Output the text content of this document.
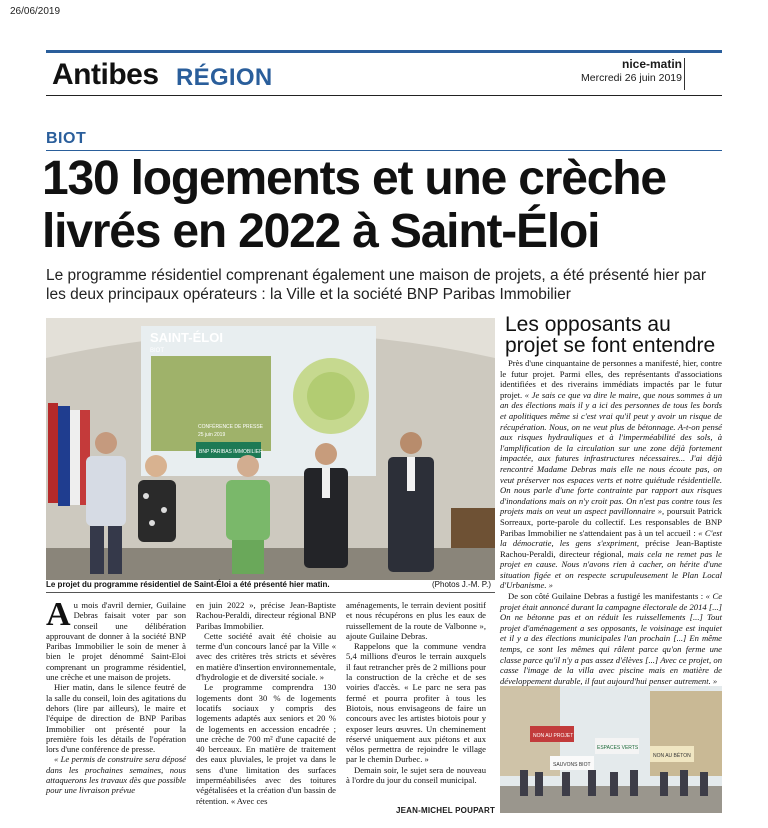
26/06/2019
Antibes RÉGION	nice-matin
Mercredi 26 juin 2019
BIOT
130 logements et une crèche livrés en 2022 à Saint-Éloi
Le programme résidentiel comprenant également une maison de projets, a été présenté hier par les deux principaux opérateurs : la Ville et la société BNP Paribas Immobilier
SAINT-ÉLOI
BIOT
CONFÉRENCE DE PRESSE
25 juin 2019
BNP PARIBAS IMMOBILIER
Le projet du programme résidentiel de Saint-Éloi a été présenté hier matin.	(Photos J.-M. P.)
Les opposants au projet se font entendre

Près d'une cinquantaine de personnes a manifesté, hier, contre le futur projet. Parmi elles, des représentants d'associations identifiées et des riverains immédiats impactés par le futur projet. « Je sais ce que va dire le maire, que nous sommes à un an des élections mais il y a ici des personnes de tous les bords et apolitiques même si c'est vrai qu'il peut y avoir un risque de récupération. Nous, on ne veut plus de bétonnage. A-t-on pensé aux risques hydrauliques et à l'imperméabilité des sols, à l'amplification de la circulation sur une zone déjà fortement impactée, aux futures infrastructures nécessaires... J'ai déjà rencontré Madame Debras mais elle ne nous écoute pas, on veut préserver nos espaces verts et notre quiétude résidentielle. On nous parle d'une forte contrainte par rapport aux risques d'inondations mais on n'y croit pas. On n'est pas contre tous les projets mais on veut un aspect pavillonnaire », poursuit Patrick Sorreaux, porte-parole du collectif. Les responsables de BNP Paribas Immobilier ne s'attendaient pas à un tel accueil : « C'est la démocratie, les gens s'expriment, précise Jean-Baptiste Rachou-Peraldi, directeur régional, mais cela ne remet pas le projet en cause. Nous n'avons rien à cacher, on hérite d'une situation figée et on respecte scrupuleusement le Plan Local d'Urbanisme. »

De son côté Guilaine Debras a fustigé les manifestants : « Ce projet était annoncé durant la campagne électorale de 2014 [...] On ne bétonne pas et on réduit les ruissellements [...] Tout projet d'aménagement a ses opposants, le voisinage est inquiet et il y a des élections municipales l'an prochain [...] En même temps, ce sont les mêmes qui râlent parce qu'on ferme une classe parce qu'il n'y a pas assez d'élèves [...] Avec ce projet, on casse l'image de la villa avec piscine mais en matière de développement durable, il faut aujourd'hui penser autrement. »

NON AU PROJET
ESPACES VERTS
NON AU BÉTON
SAUVONS BIOT

Au mois d'avril dernier, Guilaine Debras faisait voter par son conseil une délibération approuvant de donner à la société BNP Paribas Immobilier le soin de mener à bien le projet dénommé Saint-Eloi comprenant un programme résidentiel, une crèche et une maison de projets.

Hier matin, dans le silence feutré de la salle du conseil, loin des agitations du dehors (lire par ailleurs), le maire et l'équipe de direction de BNP Paribas Immobilier ont présenté pour la première fois les détails de l'opération lors d'une conférence de presse.

« Le permis de construire sera déposé dans les prochaines semaines, nous attaquerons les travaux dès que possible pour une livraison prévue

en juin 2022 », précise Jean-Baptiste Rachou-Peraldi, directeur régional BNP Paribas Immobilier.

Cette société avait été choisie au terme d'un concours lancé par la Ville « avec des critères très stricts et sévères en matière d'insertion environnementale, d'hydrologie et de diversité sociale. »

Le programme comprendra 130 logements dont 30 % de logements locatifs sociaux y compris des logements adaptés aux seniors et 20 % de logements en accession encadrée ; une crèche de 700 m² d'une capacité de 40 berceaux. En matière de traitement des eaux pluviales, le projet va dans le sens d'une limitation des surfaces imperméabilisées avec des toitures végétalisées et la création d'un bassin de rétention. « Avec ces

aménagements, le terrain devient positif et nous récupérons en plus les eaux de ruissellement de la route de Valbonne », ajoute Guilaine Debras.

Rappelons que la commune vendra 5,4 millions d'euros le terrain auxquels il faut retrancher près de 2 millions pour la construction de la crèche et de ses voiries d'accès. « Le parc ne sera pas fermé et pourra profiter à tous les Biotois, nous envisageons de faire un concours avec les artistes biotois pour y exposer leurs œuvres. Un cheminement réservé uniquement aux piétons et aux vélos permettra de rejoindre le village par le chemin Durbec. »

Demain soir, le sujet sera de nouveau à l'ordre du jour du conseil municipal.

JEAN-MICHEL POUPART
